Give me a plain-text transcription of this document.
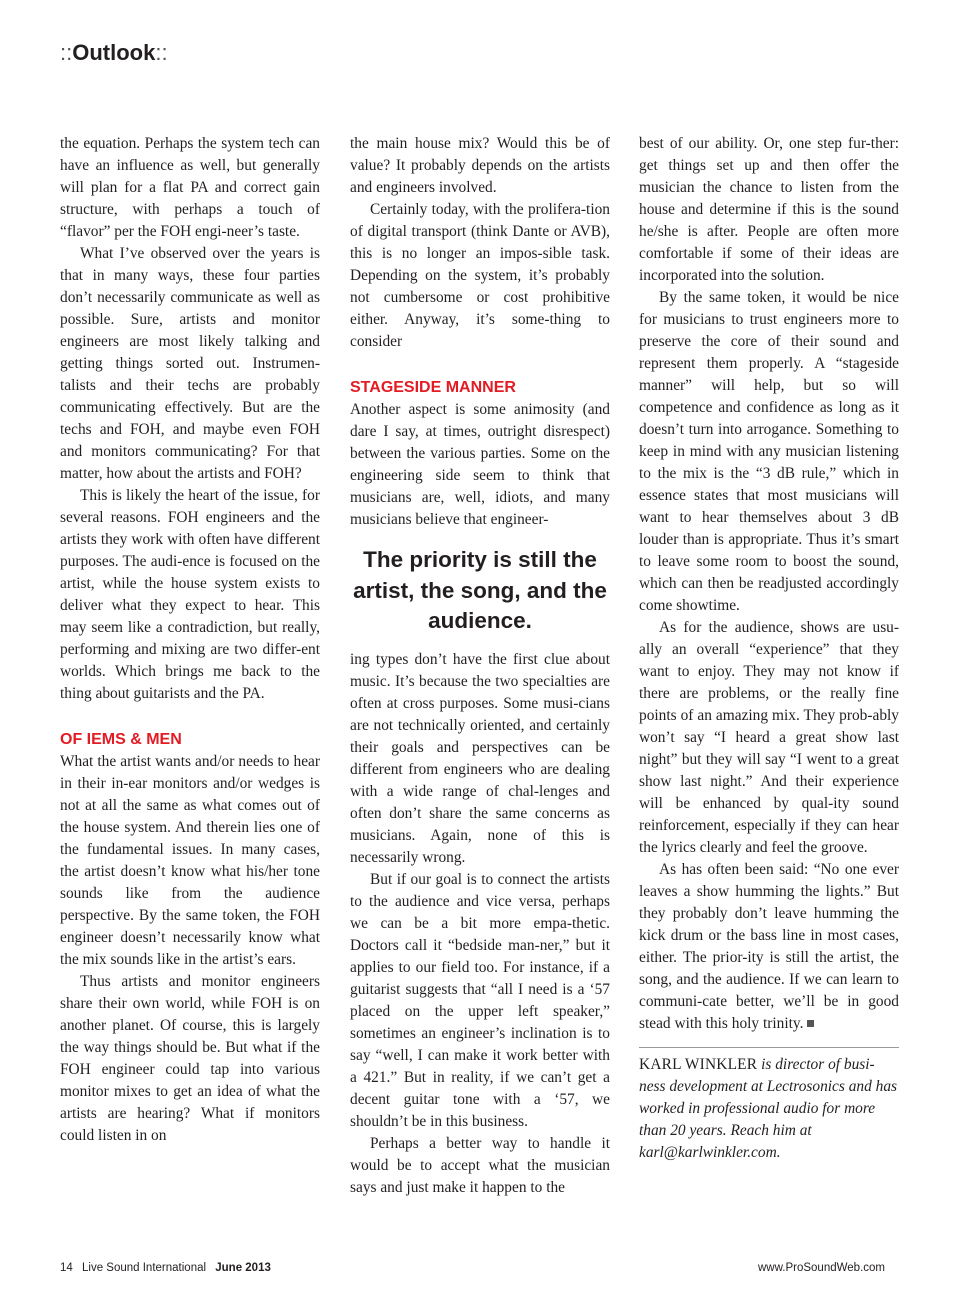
::Outlook::

the equation. Perhaps the system tech can have an influence as well, but generally will plan for a flat PA and correct gain structure, with perhaps a touch of “flavor” per the FOH engi-neer’s taste.

What I’ve observed over the years is that in many ways, these four parties don’t necessarily communicate as well as possible. Sure, artists and monitor engineers are most likely talking and getting things sorted out. Instrumen-talists and their techs are probably communicating effectively. But are the techs and FOH, and maybe even FOH and monitors communicating? For that matter, how about the artists and FOH?

This is likely the heart of the issue, for several reasons. FOH engineers and the artists they work with often have different purposes. The audi-ence is focused on the artist, while the house system exists to deliver what they expect to hear. This may seem like a contradiction, but really, performing and mixing are two differ-ent worlds. Which brings me back to the thing about guitarists and the PA.

OF IEMS & MEN

What the artist wants and/or needs to hear in their in-ear monitors and/or wedges is not at all the same as what comes out of the house system. And therein lies one of the fundamental issues. In many cases, the artist doesn’t know what his/her tone sounds like from the audience perspective. By the same token, the FOH engineer doesn’t necessarily know what the mix sounds like in the artist’s ears.

Thus artists and monitor engineers share their own world, while FOH is on another planet. Of course, this is largely the way things should be. But what if the FOH engineer could tap into various monitor mixes to get an idea of what the artists are hearing? What if monitors could listen in on

the main house mix? Would this be of value? It probably depends on the artists and engineers involved.

Certainly today, with the prolifera-tion of digital transport (think Dante or AVB), this is no longer an impos-sible task. Depending on the system, it’s probably not cumbersome or cost prohibitive either. Anyway, it’s some-thing to consider

STAGESIDE MANNER

Another aspect is some animosity (and dare I say, at times, outright disrespect) between the various parties. Some on the engineering side seem to think that musicians are, well, idiots, and many musicians believe that engineer-

The priority is still the artist, the song, and the audience.

ing types don’t have the first clue about music. It’s because the two specialties are often at cross purposes. Some musi-cians are not technically oriented, and certainly their goals and perspectives can be different from engineers who are dealing with a wide range of chal-lenges and often don’t share the same concerns as musicians. Again, none of this is necessarily wrong.

But if our goal is to connect the artists to the audience and vice versa, perhaps we can be a bit more empa-thetic. Doctors call it “bedside man-ner,” but it applies to our field too. For instance, if a guitarist suggests that “all I need is a ‘57 placed on the upper left speaker,” sometimes an engineer’s inclination is to say “well, I can make it work better with a 421.” But in reality, if we can’t get a decent guitar tone with a ‘57, we shouldn’t be in this business.

Perhaps a better way to handle it would be to accept what the musician says and just make it happen to the

best of our ability. Or, one step fur-ther: get things set up and then offer the musician the chance to listen from the house and determine if this is the sound he/she is after. People are often more comfortable if some of their ideas are incorporated into the solution.

By the same token, it would be nice for musicians to trust engineers more to preserve the core of their sound and represent them properly. A “stageside manner” will help, but so will competence and confidence as long as it doesn’t turn into arrogance. Something to keep in mind with any musician listening to the mix is the “3 dB rule,” which in essence states that most musicians will want to hear themselves about 3 dB louder than is appropriate. Thus it’s smart to leave some room to boost the sound, which can then be readjusted accordingly come showtime.

As for the audience, shows are usu-ally an overall “experience” that they want to enjoy. They may not know if there are problems, or the really fine points of an amazing mix. They prob-ably won’t say “I heard a great show last night” but they will say “I went to a great show last night.” And their experience will be enhanced by qual-ity sound reinforcement, especially if they can hear the lyrics clearly and feel the groove.

As has often been said: “No one ever leaves a show humming the lights.” But they probably don’t leave humming the kick drum or the bass line in most cases, either. The prior-ity is still the artist, the song, and the audience. If we can learn to communi-cate better, we’ll be in good stead with this holy trinity.

KARL WINKLER is director of busi-ness development at Lectrosonics and has worked in professional audio for more than 20 years. Reach him at karl@karlwinkler.com.
14 Live Sound International June 2013	www.ProSoundWeb.com
